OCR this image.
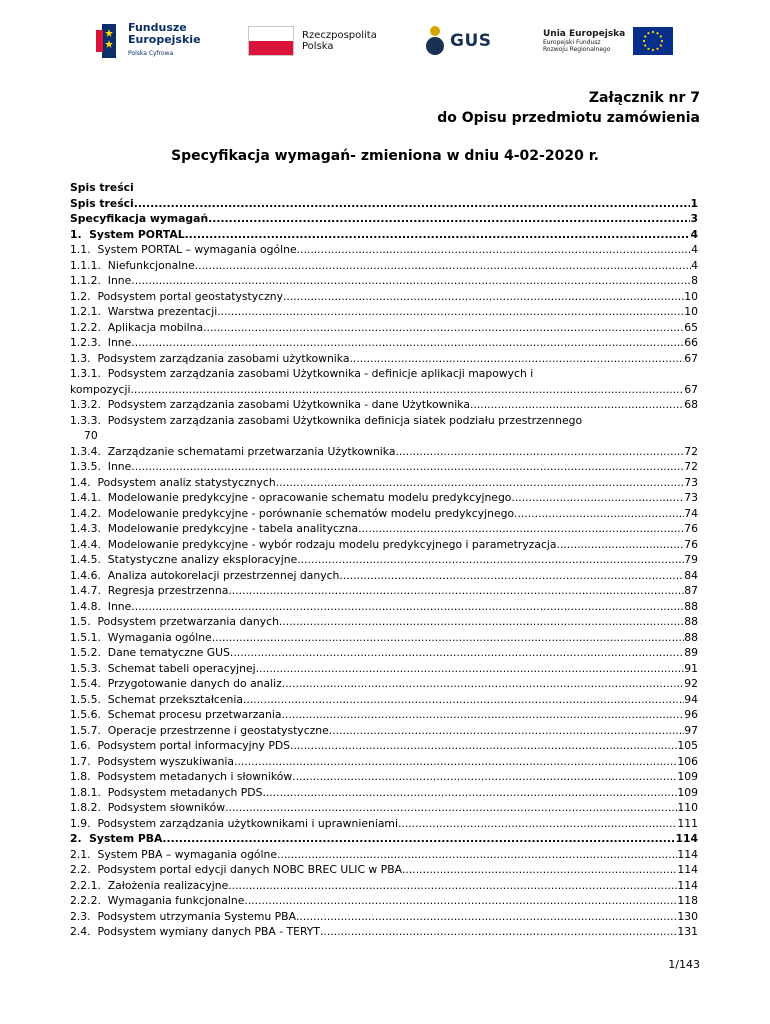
Fundusze
Europejskie
Polska Cyfrowa
Rzeczpospolita
Polska	GUS	Unia Europejska
Europejski Fundusz
Rozwoju Regionalnego
Załącznik nr 7
do Opisu przedmiotu zamówienia
Specyfikacja wymagań- zmieniona w dniu 4-02-2020 r.
Spis treści
Spis treści .....	1
Specyfikacja wymagań .....	3
1. System PORTAL .....	4
1.1. System PORTAL – wymagania ogólne .....	4
1.1.1. Niefunkcjonalne .....	4
1.1.2. Inne .....	8
1.2. Podsystem portal geostatystyczny .....	10
1.2.1. Warstwa prezentacji .....	10
1.2.2. Aplikacja mobilna .....	65
1.2.3. Inne .....	66
1.3. Podsystem zarządzania zasobami użytkownika .....	67
1.3.1. Podsystem zarządzania zasobami Użytkownika - definicje aplikacji mapowych i
kompozycji .....	67
1.3.2. Podsystem zarządzania zasobami Użytkownika - dane Użytkownika .....	68
1.3.3. Podsystem zarządzania zasobami Użytkownika definicja siatek podziału przestrzennego
70
1.3.4. Zarządzanie schematami przetwarzania Użytkownika .....	72
1.3.5. Inne .....	72
1.4. Podsystem analiz statystycznych .....	73
1.4.1. Modelowanie predykcyjne - opracowanie schematu modelu predykcyjnego .....	73
1.4.2. Modelowanie predykcyjne - porównanie schematów modelu predykcyjnego .....	74
1.4.3. Modelowanie predykcyjne - tabela analityczna .....	76
1.4.4. Modelowanie predykcyjne - wybór rodzaju modelu predykcyjnego i parametryzacja .....	76
1.4.5. Statystyczne analizy eksploracyjne .....	79
1.4.6. Analiza autokorelacji przestrzennej danych .....	84
1.4.7. Regresja przestrzenna .....	87
1.4.8. Inne .....	88
1.5. Podsystem przetwarzania danych .....	88
1.5.1. Wymagania ogólne .....	88
1.5.2. Dane tematyczne GUS .....	89
1.5.3. Schemat tabeli operacyjnej .....	91
1.5.4. Przygotowanie danych do analiz .....	92
1.5.5. Schemat przekształcenia .....	94
1.5.6. Schemat procesu przetwarzania .....	96
1.5.7. Operacje przestrzenne i geostatystyczne .....	97
1.6. Podsystem portal informacyjny PDS .....	105
1.7. Podsystem wyszukiwania .....	106
1.8. Podsystem metadanych i słowników .....	109
1.8.1. Podsystem metadanych PDS .....	109
1.8.2. Podsystem słowników .....	110
1.9. Podsystem zarządzania użytkownikami i uprawnieniami .....	111
2. System PBA .....	114
2.1. System PBA – wymagania ogólne .....	114
2.2. Podsystem portal edycji danych NOBC BREC ULIC w PBA .....	114
2.2.1. Założenia realizacyjne .....	114
2.2.2. Wymagania funkcjonalne .....	118
2.3. Podsystem utrzymania Systemu PBA .....	130
2.4. Podsystem wymiany danych PBA - TERYT .....	131
1/143
